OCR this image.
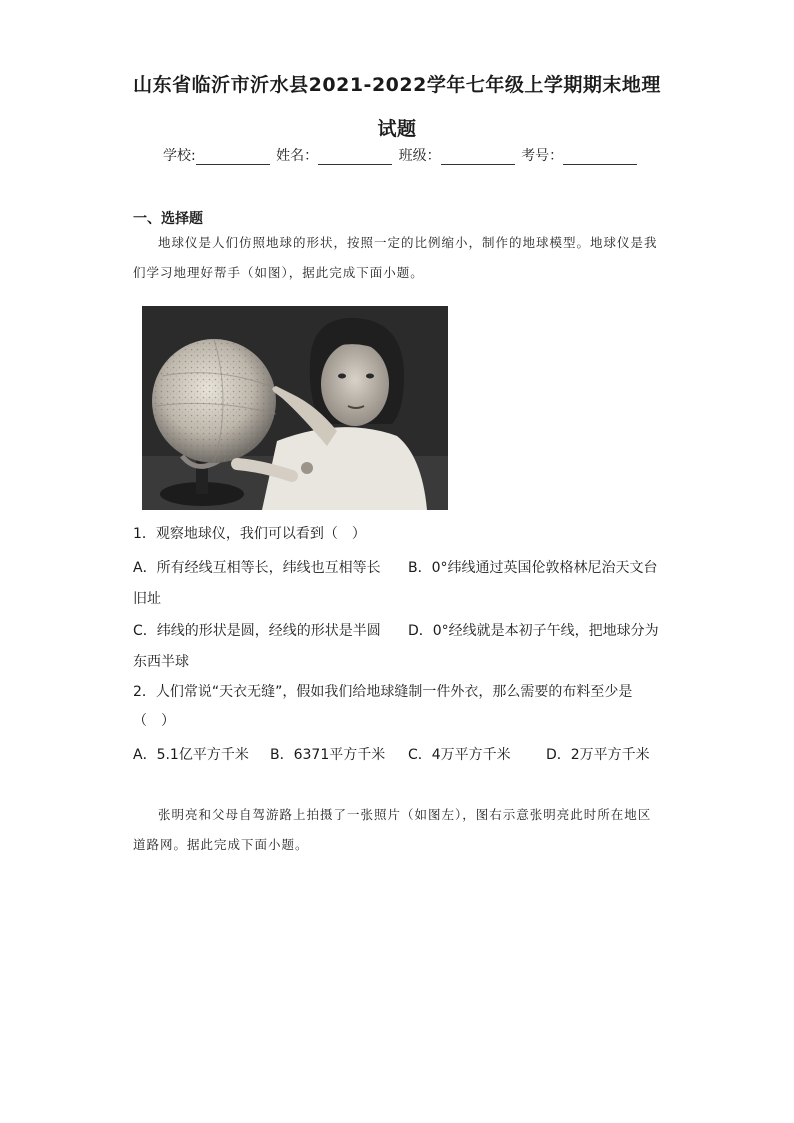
山东省临沂市沂水县2021-2022学年七年级上学期期末地理
试题
学校:	姓名：	班级：	考号：
一、选择题
地球仪是人们仿照地球的形状，按照一定的比例缩小，制作的地球模型。地球仪是我们学习地理好帮手（如图），据此完成下面小题。
1．观察地球仪，我们可以看到（　）
A．所有经线互相等长，纬线也互相等长 B．0°纬线通过英国伦敦格林尼治天文台
旧址
C．纬线的形状是圆，经线的形状是半圆 D．0°经线就是本初子午线，把地球分为
东西半球
2．人们常说“天衣无缝”，假如我们给地球缝制一件外衣，那么需要的布料至少是
（　）
A．5.1亿平方千米 B．6371平方千米 C．4万平方千米	D．2万平方千米
张明亮和父母自驾游路上拍摄了一张照片（如图左），图右示意张明亮此时所在地区道路网。据此完成下面小题。
